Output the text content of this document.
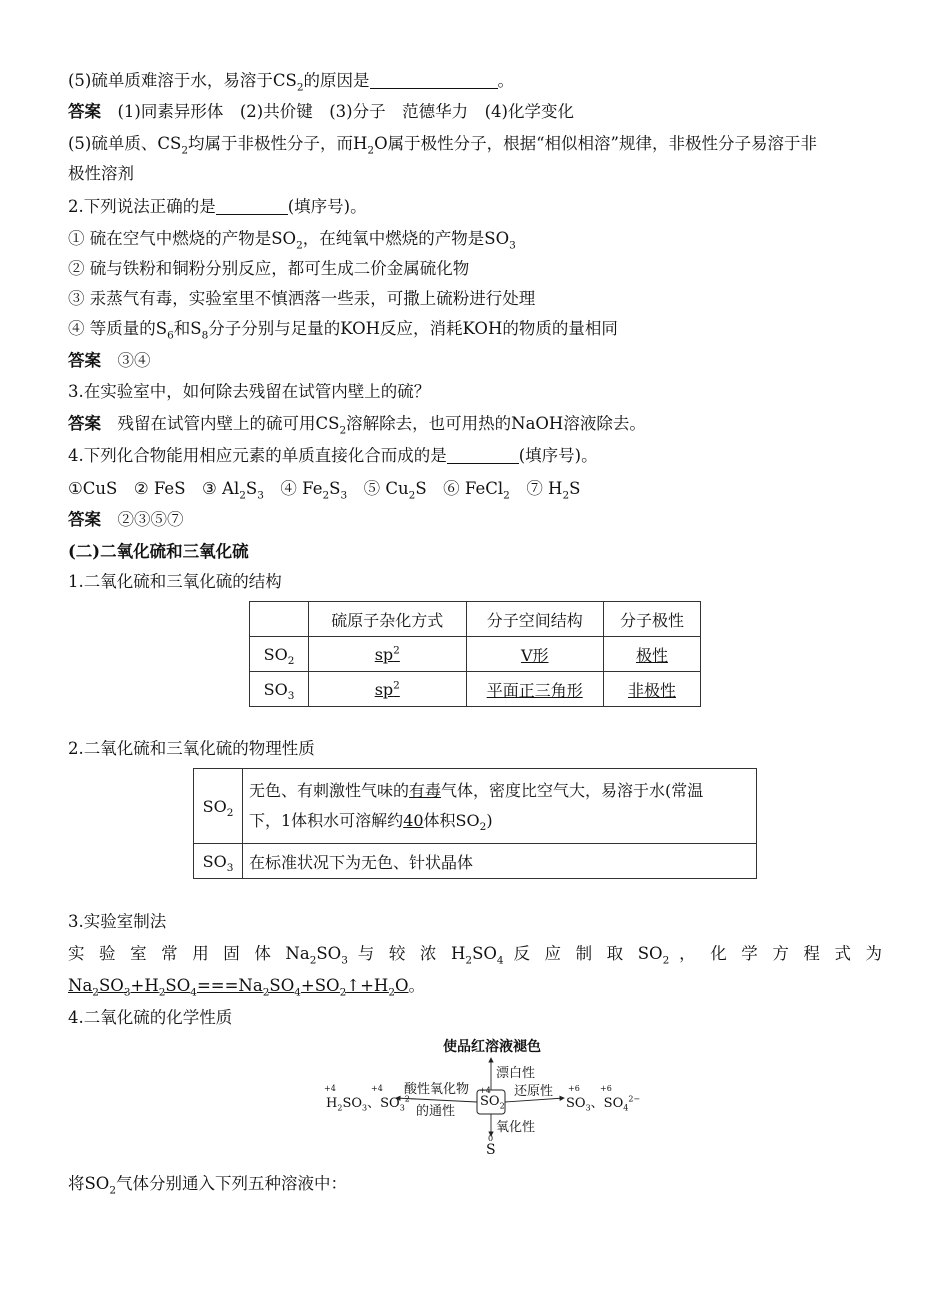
(5)硫单质难溶于水，易溶于$CS_2$的原因是	。
答案　 (1)同素异形体　(2)共价键　(3)分子　范德华力　(4)化学变化
(5)硫单质、$CS_2$均属于非极性分子，而$H_2O$属于极性分子，根据“相似相溶”规律，非极性分子易溶于非
极性溶剂
2.下列说法正确的是	(填序号)。
① 硫在空气中燃烧的产物是$SO_2$，在纯氧中燃烧的产物是$SO_3$
② 硫与铁粉和铜粉分别反应，都可生成二价金属硫化物
③ 汞蒸气有毒，实验室里不慎洒落一些汞，可撒上硫粉进行处理
④ 等质量的$S_6$和$S_8$分子分别与足量的KOH反应，消耗KOH的物质的量相同
答案　 ③④
3.在实验室中，如何除去残留在试管内壁上的硫？
答案　残留在试管内壁上的硫可用$CS_2$溶解除去，也可用热的NaOH溶液除去。
4.下列化合物能用相应元素的单质直接化合而成的是	(填序号)。
①CuS　② FeS　③ $Al_2S_3$　④ $Fe_2S_3$　⑤ $Cu_2S$　⑥ FeCl$_2$　⑦ $H_2S$
答案　 ②③⑤⑦
(二)二氧化硫和三氧化硫
1.二氧化硫和三氧化硫的结构
	硫原子杂化方式	分子空间结构	分子极性
$SO_2$	$sp^2$	V形	极性
$SO_3$	$sp^2$	平面正三角形	非极性
2.二氧化硫和三氧化硫的物理性质
$SO_2$	无色、有刺激性气味的有毒气体，密度比空气大，易溶于水(常温
下，1体积水可溶解约40体积$SO_2$)
$SO_3$	在标准状况下为无色、针状晶体
3.实验室制法
实 验 室 常 用 固 体 $Na_2SO_3$ 与 较 浓 $H_2SO_4$ 反 应 制 取 $SO_2$ ， 化 学 方 程 式 为
$Na_2SO_3+H_2SO_4===Na_2SO_4+SO_2↑+H_2O$。
4.二氧化硫的化学性质
使品红溶液褪色
漂白性
酸性氧化物
的通性
还原性
氧化性
+4
$SO_2$
+4	+4
$H_2SO_3$、$SO_3^{2-}$
+6	+6
$SO_3$、$SO_4^{2-}$
0
S
将$SO_2$气体分别通入下列五种溶液中：
